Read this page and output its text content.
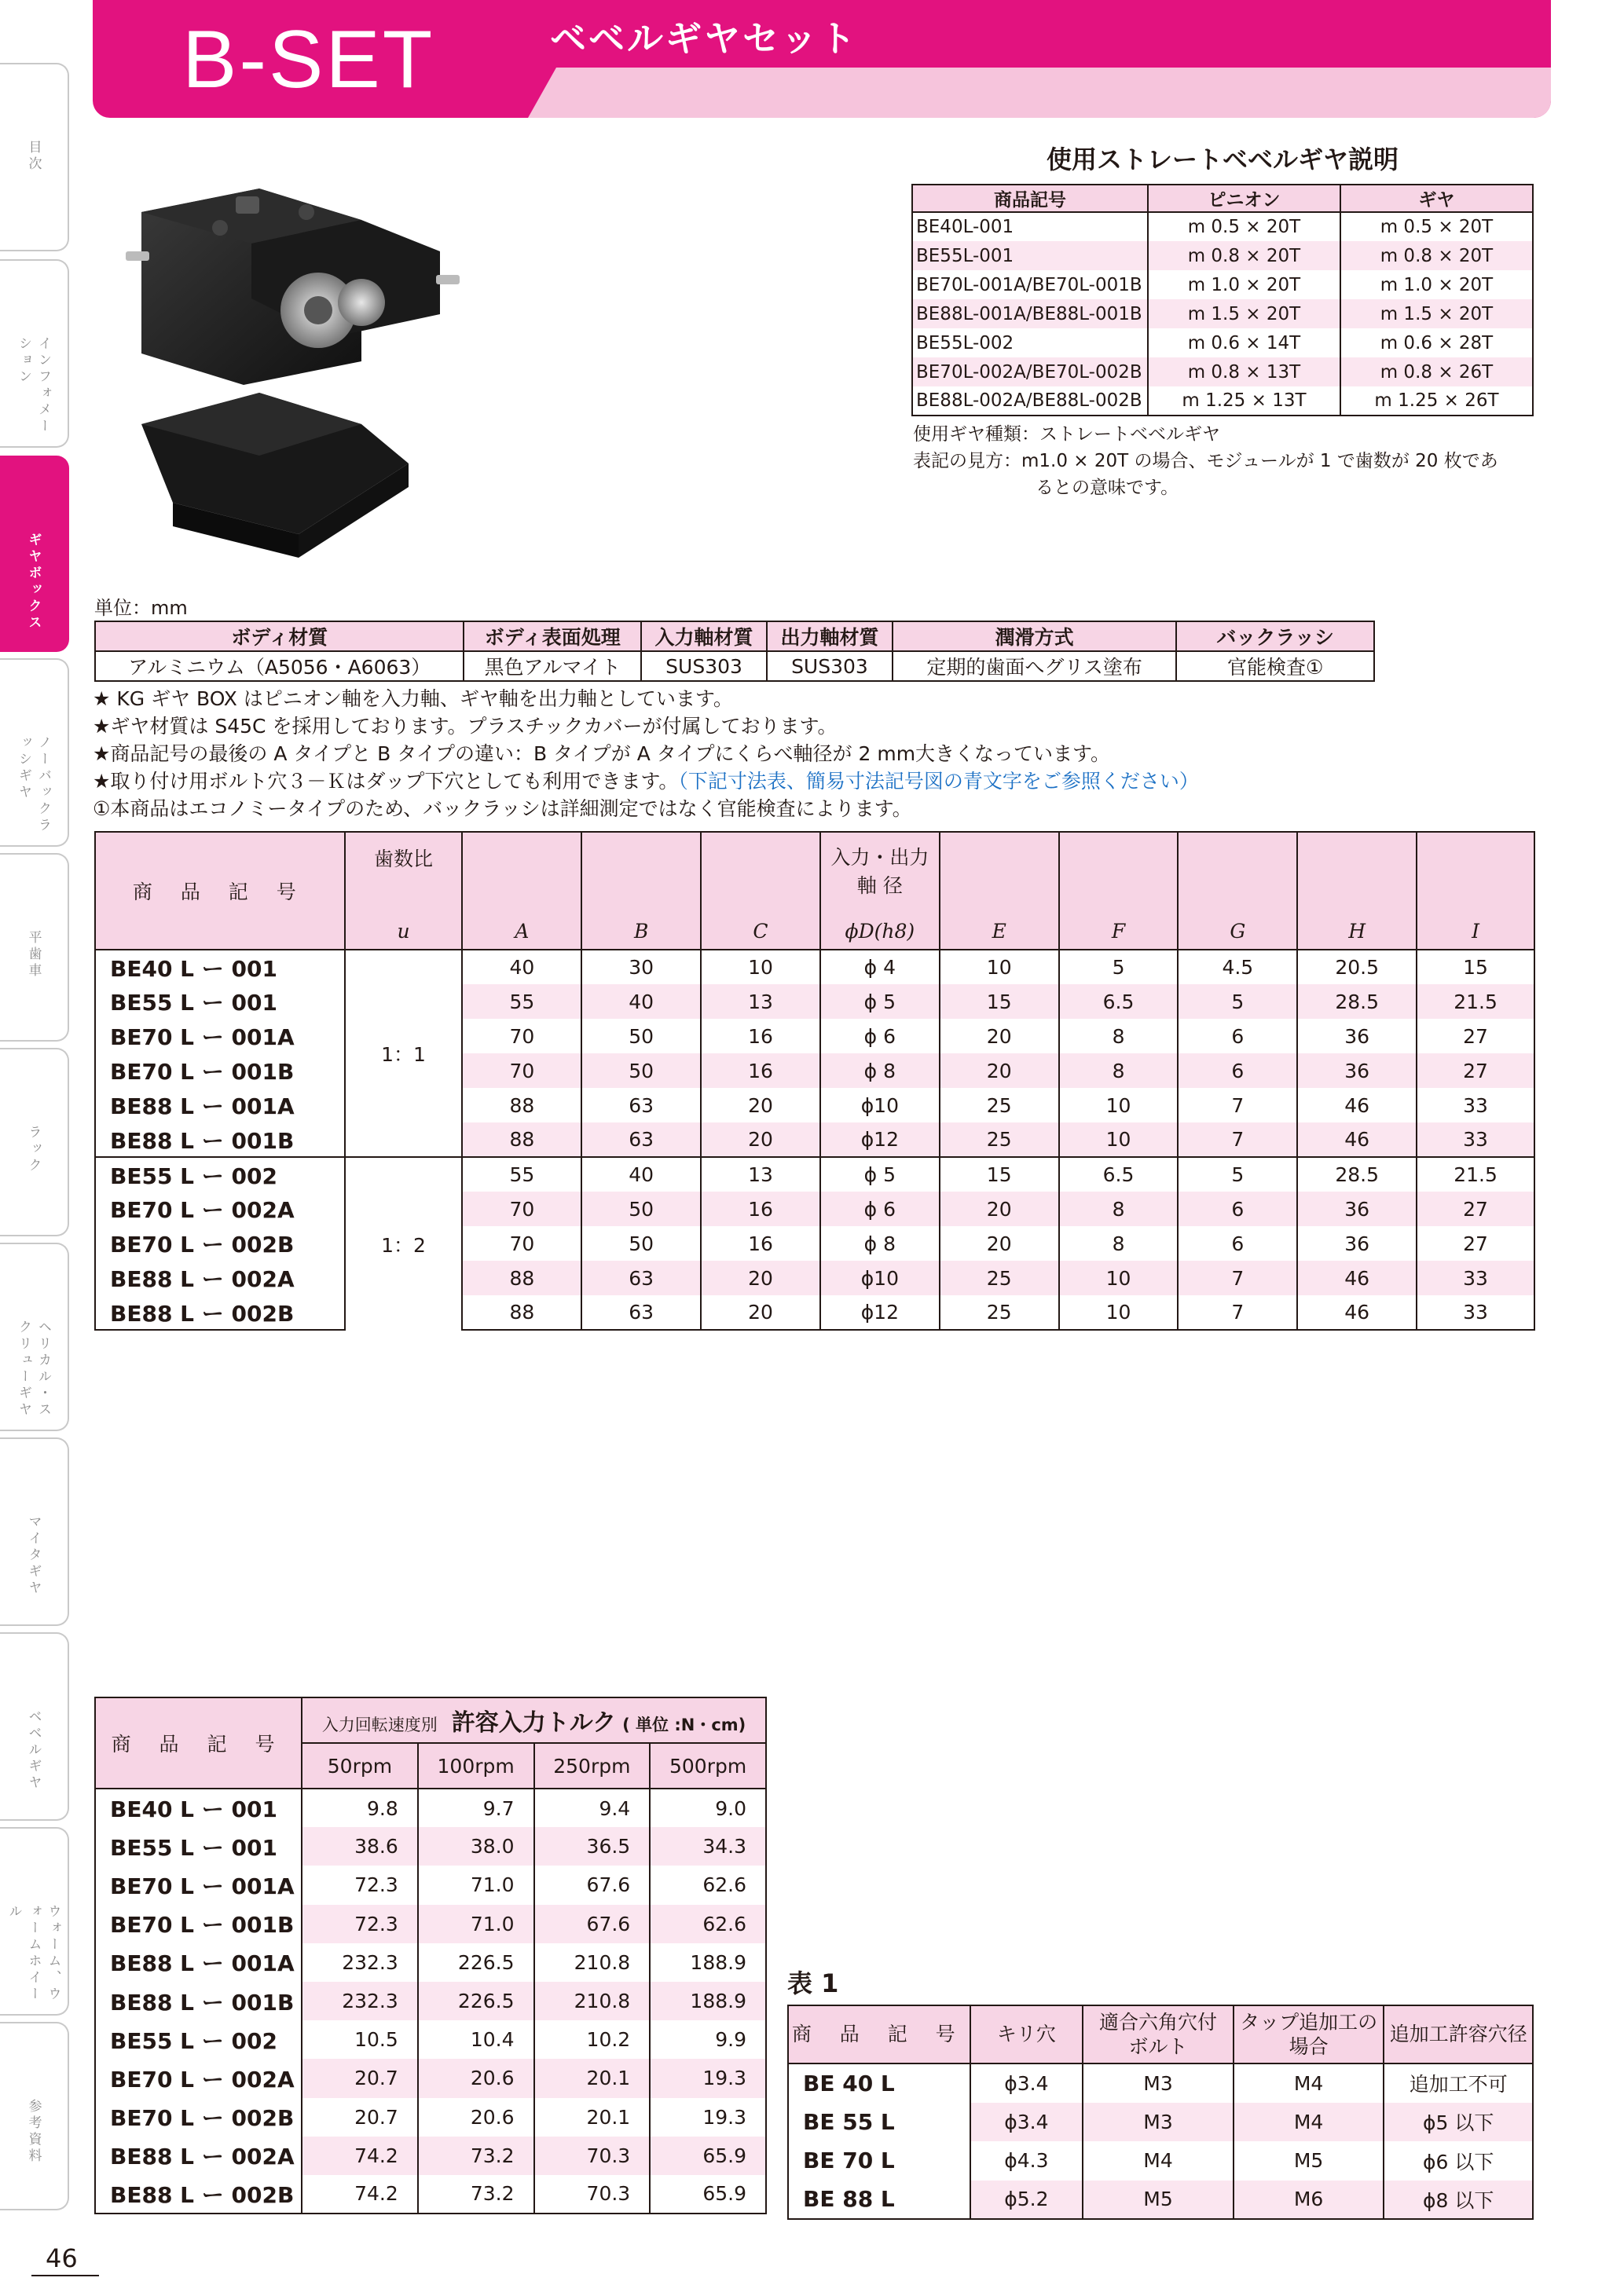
B-SET	ベベルギヤセット
目次
インフォメーション
ギヤボックス
ノーバックラッシギヤ
平歯車
ラック
ヘリカル・スクリューギヤ
マイタギヤ
ベベルギヤ
ウォーム、ウォームホイール
参考資料
使用ストレートベベルギヤ説明
商品記号	ピニオン	ギヤ
BE40L-001	m 0.5 × 20T	m 0.5 × 20T
BE55L-001	m 0.8 × 20T	m 0.8 × 20T
BE70L-001A/BE70L-001B	m 1.0 × 20T	m 1.0 × 20T
BE88L-001A/BE88L-001B	m 1.5 × 20T	m 1.5 × 20T
BE55L-002	m 0.6 × 14T	m 0.6 × 28T
BE70L-002A/BE70L-002B	m 0.8 × 13T	m 0.8 × 26T
BE88L-002A/BE88L-002B	m 1.25 × 13T	m 1.25 × 26T
使用ギヤ種類：ストレートベベルギヤ
表記の見方：m1.0 × 20T の場合、モジュールが 1 で歯数が 20 枚であ
るとの意味です。
単位：mm
ボディ材質	ボディ表面処理	入力軸材質	出力軸材質	潤滑方式	バックラッシ
アルミニウム（A5056・A6063）	黒色アルマイト	SUS303	SUS303	定期的歯面へグリス塗布	官能検査①
★ KG ギヤ BOX はピニオン軸を入力軸、ギヤ軸を出力軸としています。
★ギヤ材質は S45C を採用しております。プラスチックカバーが付属しております。
★商品記号の最後の A タイプと B タイプの違い：B タイプが A タイプにくらべ軸径が 2 mm大きくなっています。
★取り付け用ボルト穴３－Ｋはダップ下穴としても利用できます。（下記寸法表、簡易寸法記号図の青文字をご参照ください）
①本商品はエコノミータイプのため、バックラッシは詳細測定ではなく官能検査によります。
商 品 記 号	歯数比
u	A	B	C	入力・出力
軸 径
ϕD(h8)	E	F	G	H	I
BE40 L ー 001	1：1	40	30	10	ϕ 4	10	5	4.5	20.5	15
BE55 L ー 001		55	40	13	ϕ 5	15	6.5	5	28.5	21.5
BE70 L ー 001A		70	50	16	ϕ 6	20	8	6	36	27
BE70 L ー 001B		70	50	16	ϕ 8	20	8	6	36	27
BE88 L ー 001A		88	63	20	ϕ10	25	10	7	46	33
BE88 L ー 001B		88	63	20	ϕ12	25	10	7	46	33
BE55 L ー 002	1：2	55	40	13	ϕ 5	15	6.5	5	28.5	21.5
BE70 L ー 002A		70	50	16	ϕ 6	20	8	6	36	27
BE70 L ー 002B		70	50	16	ϕ 8	20	8	6	36	27
BE88 L ー 002A		88	63	20	ϕ10	25	10	7	46	33
BE88 L ー 002B		88	63	20	ϕ12	25	10	7	46	33
商 品 記 号	入力回転速度別 許容入力トルク ( 単位 :N・cm)			
	50rpm	100rpm	250rpm	500rpm
BE40 L ー 001	9.8	9.7	9.4	9.0
BE55 L ー 001	38.6	38.0	36.5	34.3
BE70 L ー 001A	72.3	71.0	67.6	62.6
BE70 L ー 001B	72.3	71.0	67.6	62.6
BE88 L ー 001A	232.3	226.5	210.8	188.9
BE88 L ー 001B	232.3	226.5	210.8	188.9
BE55 L ー 002	10.5	10.4	10.2	9.9
BE70 L ー 002A	20.7	20.6	20.1	19.3
BE70 L ー 002B	20.7	20.6	20.1	19.3
BE88 L ー 002A	74.2	73.2	70.3	65.9
BE88 L ー 002B	74.2	73.2	70.3	65.9
表 1
商 品 記 号	キリ穴	適合六角穴付
ボルト	タップ追加工の
場合	追加工許容穴径
BE 40 L	ϕ3.4	M3	M4	追加工不可
BE 55 L	ϕ3.4	M3	M4	ϕ5 以下
BE 70 L	ϕ4.3	M4	M5	ϕ6 以下
BE 88 L	ϕ5.2	M5	M6	ϕ8 以下
46
